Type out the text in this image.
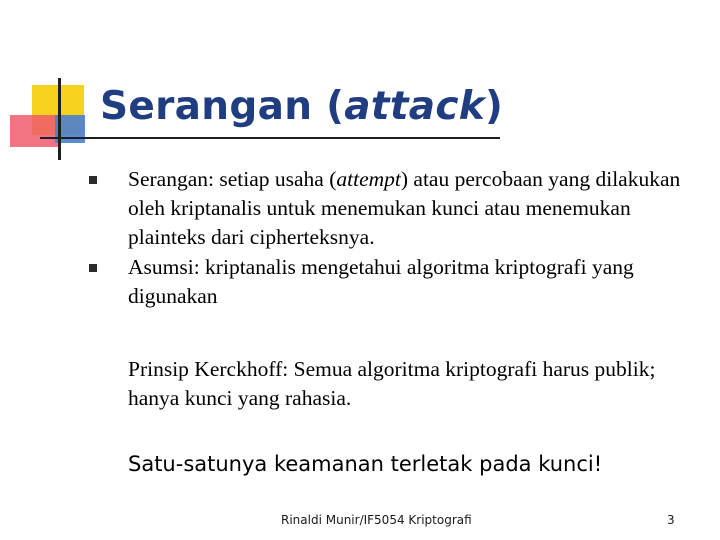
Serangan (attack)
Serangan: setiap usaha (attempt) atau percobaan yang dilakukan oleh kriptanalis untuk menemukan kunci atau menemukan plainteks dari cipherteksnya.
Asumsi: kriptanalis mengetahui algoritma kriptografi yang digunakan
Prinsip Kerckhoff: Semua algoritma kriptografi harus publik; hanya kunci yang rahasia.
Satu-satunya keamanan terletak pada kunci!
Rinaldi Munir/IF5054 Kriptografi	3
